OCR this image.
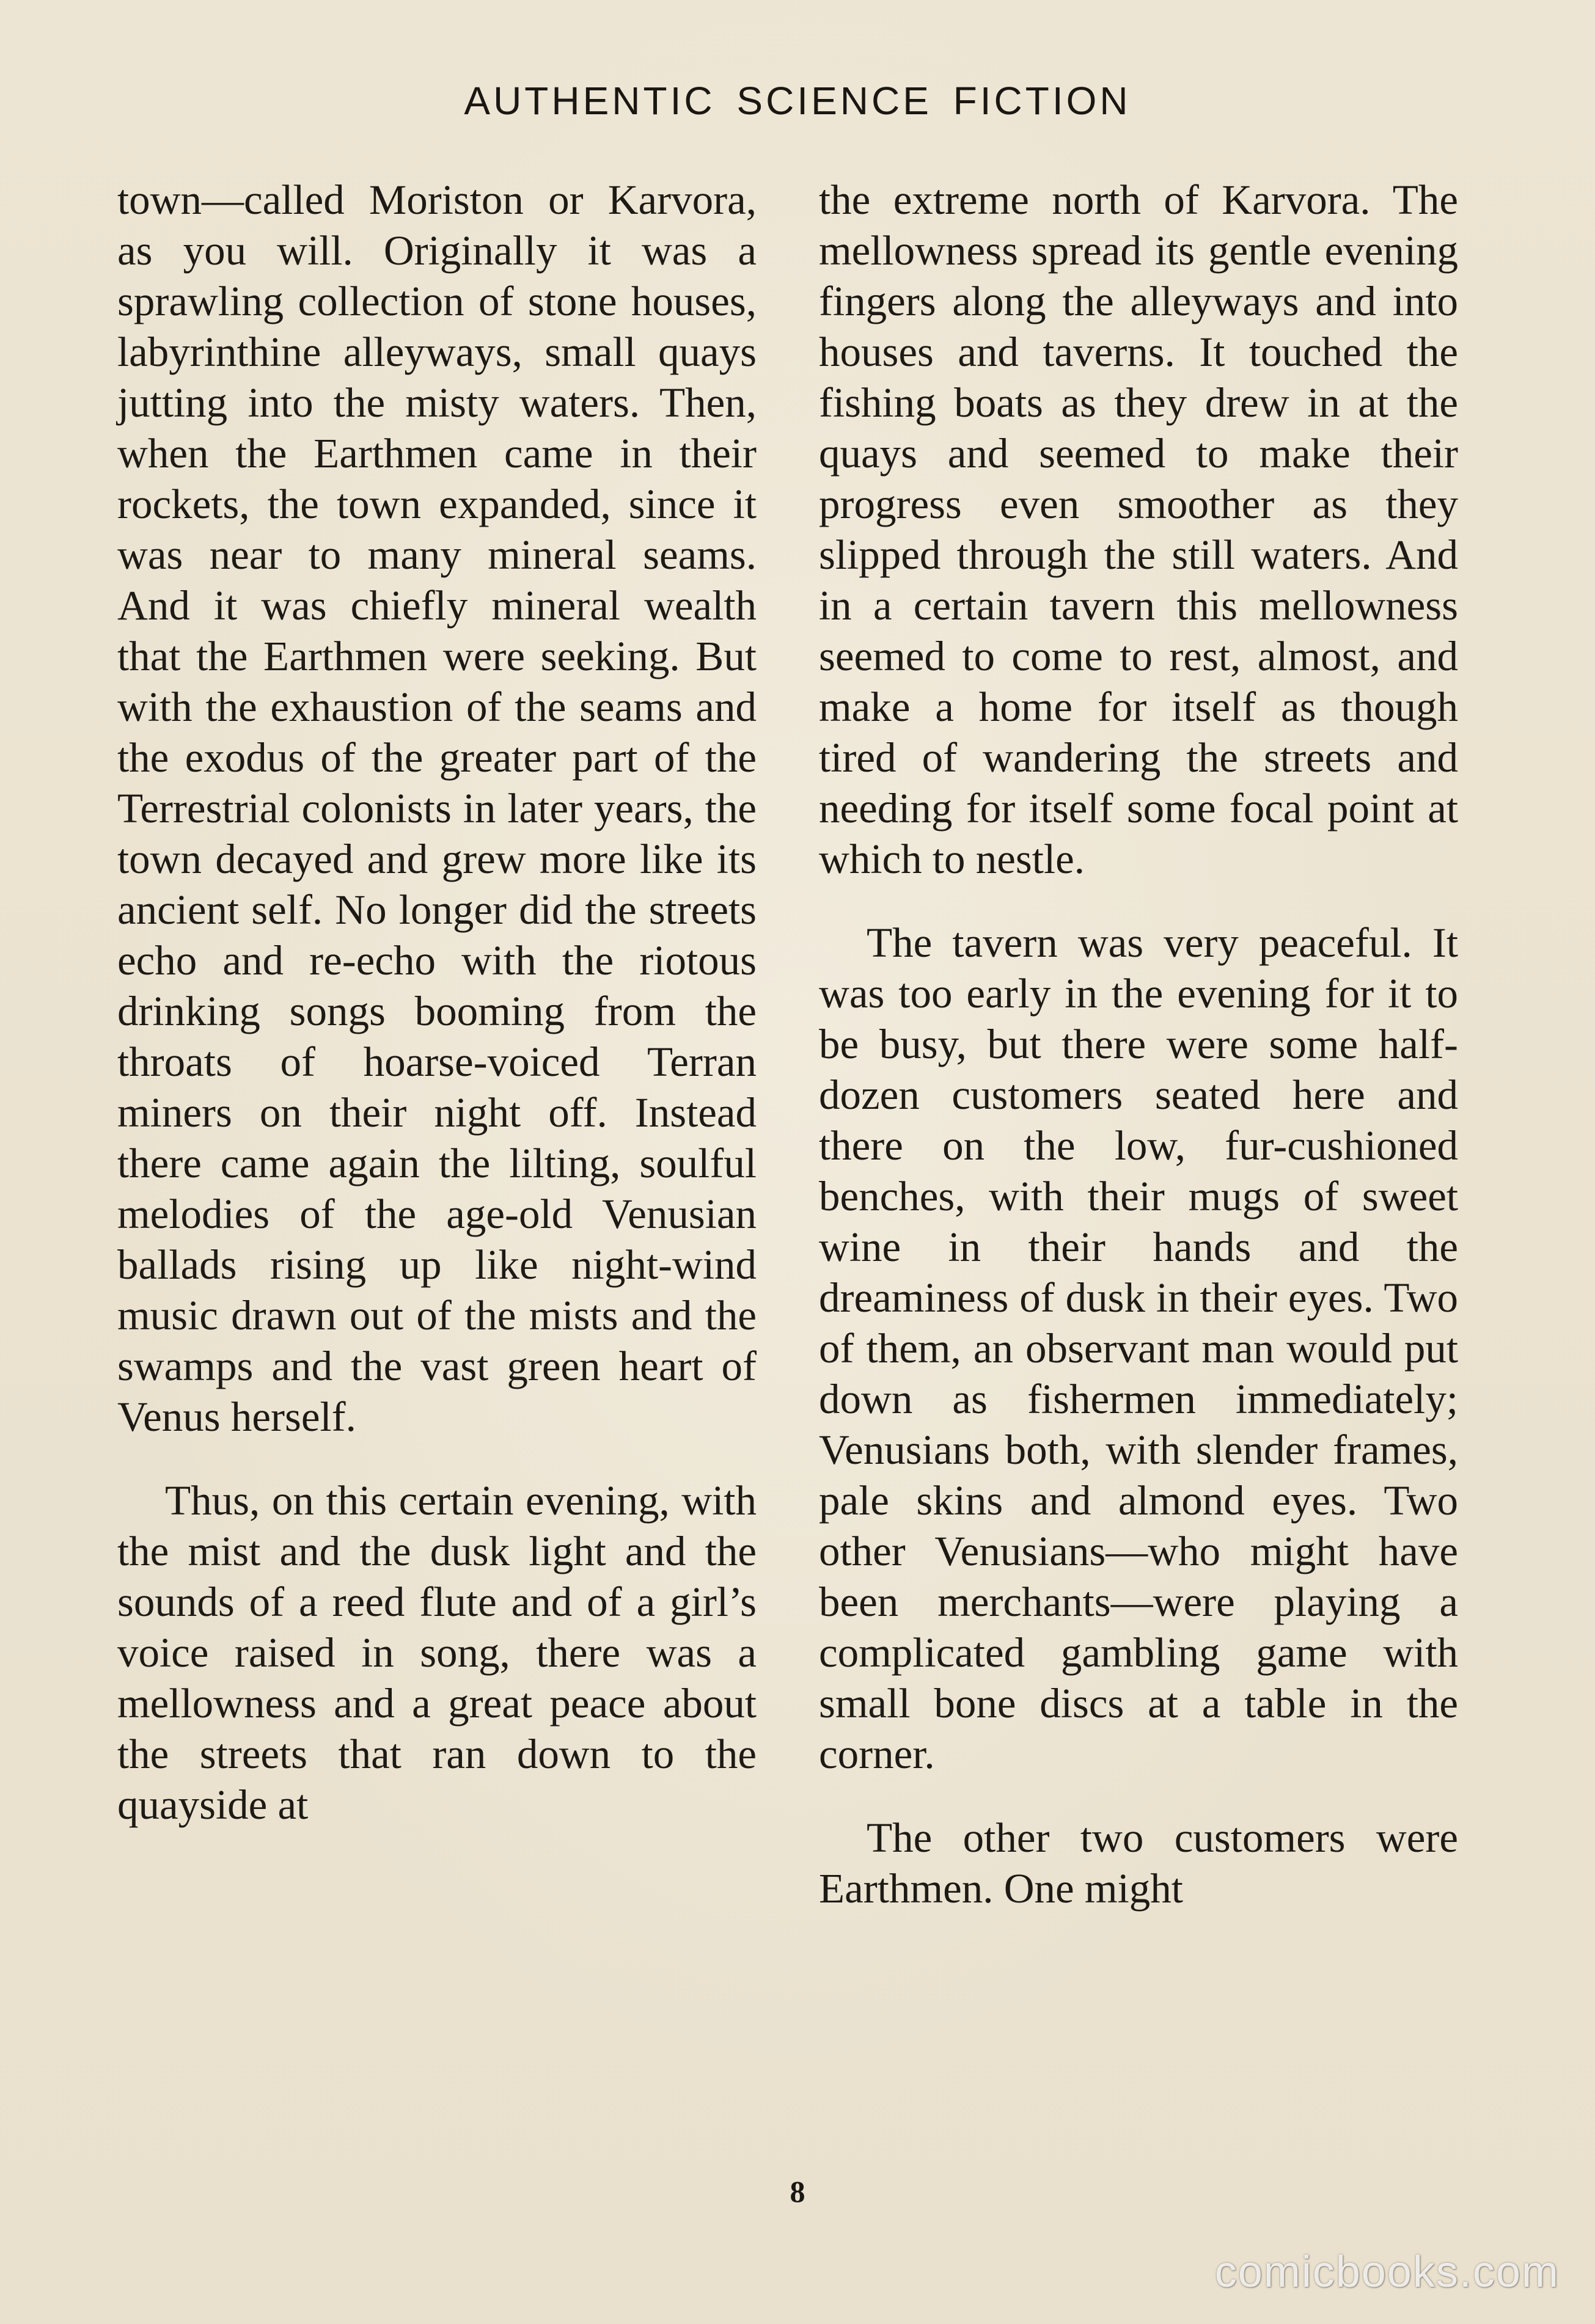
AUTHENTIC SCIENCE FICTION

town—called Moriston or Karvora, as you will. Originally it was a sprawling collection of stone houses, labyrinthine alleyways, small quays jutting into the misty waters. Then, when the Earthmen came in their rockets, the town expanded, since it was near to many mineral seams. And it was chiefly mineral wealth that the Earthmen were seeking. But with the exhaustion of the seams and the exodus of the greater part of the Terrestrial colonists in later years, the town decayed and grew more like its ancient self. No longer did the streets echo and re-echo with the riotous drinking songs booming from the throats of hoarse-voiced Terran miners on their night off. Instead there came again the lilting, soulful melodies of the age-old Venusian ballads rising up like night-wind music drawn out of the mists and the swamps and the vast green heart of Venus herself.

Thus, on this certain evening, with the mist and the dusk light and the sounds of a reed flute and of a girl’s voice raised in song, there was a mellowness and a great peace about the streets that ran down to the quayside at

the extreme north of Karvora. The mellowness spread its gentle evening fingers along the alleyways and into houses and taverns. It touched the fishing boats as they drew in at the quays and seemed to make their progress even smoother as they slipped through the still waters. And in a certain tavern this mellowness seemed to come to rest, almost, and make a home for itself as though tired of wandering the streets and needing for itself some focal point at which to nestle.

The tavern was very peaceful. It was too early in the evening for it to be busy, but there were some half-dozen customers seated here and there on the low, fur-cushioned benches, with their mugs of sweet wine in their hands and the dreaminess of dusk in their eyes. Two of them, an observant man would put down as fishermen immediately; Venusians both, with slender frames, pale skins and almond eyes. Two other Venusians—who might have been merchants—were playing a complicated gambling game with small bone discs at a table in the corner.

The other two customers were Earthmen. One might

8
comicbooks.com
